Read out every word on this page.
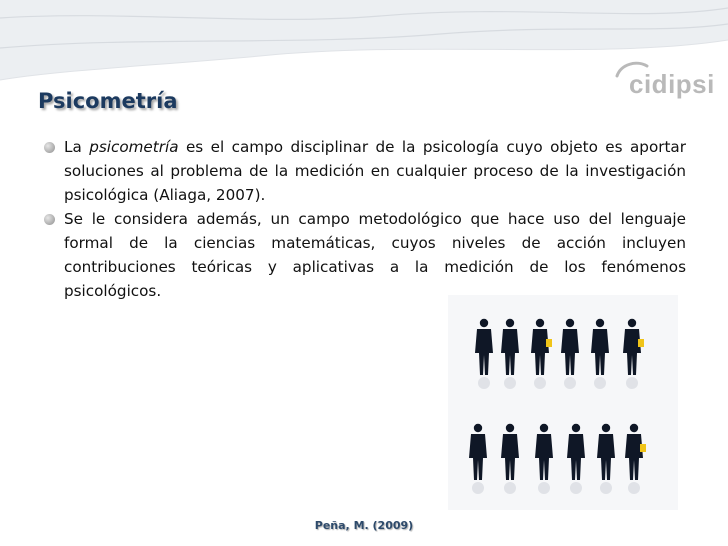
cidipsi
Psicometría
La psicometría es el campo disciplinar de la psicología cuyo objeto es aportar soluciones al problema de la medición en cualquier proceso de la investigación psicológica (Aliaga, 2007).
Se le considera además, un campo metodológico que hace uso del lenguaje formal de la ciencias matemáticas, cuyos niveles de acción incluyen contribuciones teóricas y aplicativas a la medición de los fenómenos psicológicos.
Peña, M. (2009)
